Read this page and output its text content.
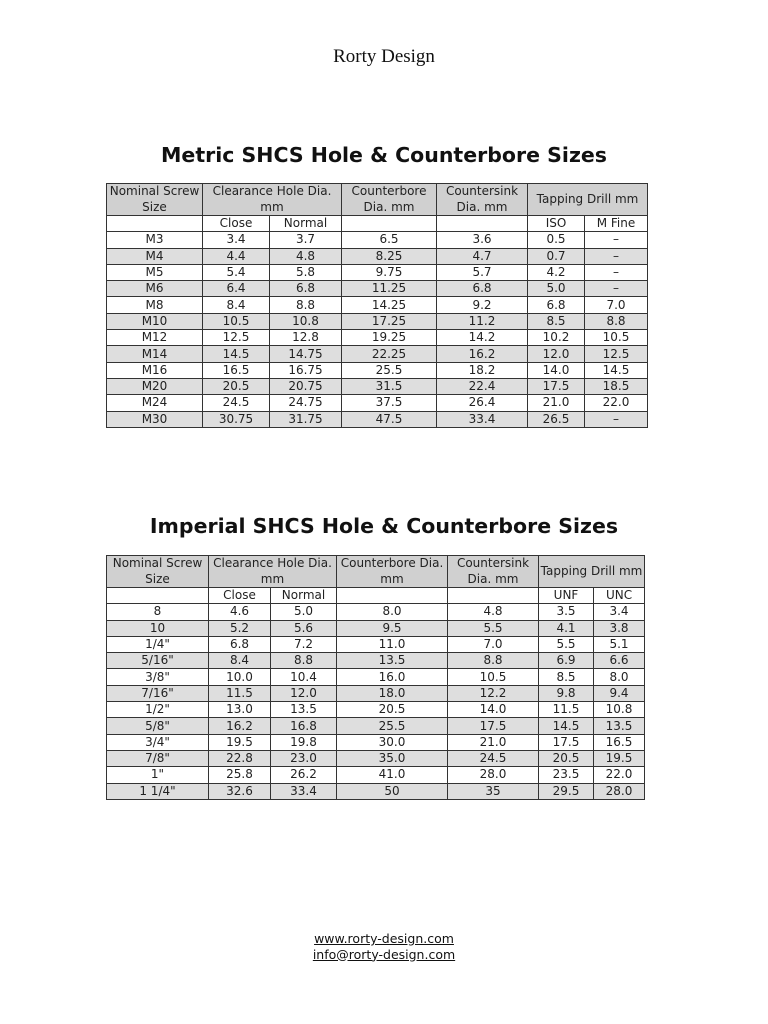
Rorty Design
Metric SHCS Hole & Counterbore Sizes
Nominal Screw Size	Clearance Hole Dia. mm		Counterbore Dia. mm	Countersink Dia. mm	Tapping Drill mm	
	Close	Normal			ISO	M Fine
M3	3.4	3.7	6.5	3.6	0.5	–
M4	4.4	4.8	8.25	4.7	0.7	–
M5	5.4	5.8	9.75	5.7	4.2	–
M6	6.4	6.8	11.25	6.8	5.0	–
M8	8.4	8.8	14.25	9.2	6.8	7.0
M10	10.5	10.8	17.25	11.2	8.5	8.8
M12	12.5	12.8	19.25	14.2	10.2	10.5
M14	14.5	14.75	22.25	16.2	12.0	12.5
M16	16.5	16.75	25.5	18.2	14.0	14.5
M20	20.5	20.75	31.5	22.4	17.5	18.5
M24	24.5	24.75	37.5	26.4	21.0	22.0
M30	30.75	31.75	47.5	33.4	26.5	–
Imperial SHCS Hole & Counterbore Sizes
Nominal Screw Size	Clearance Hole Dia. mm		Counterbore Dia. mm	Countersink Dia. mm	Tapping Drill mm	
	Close	Normal			UNF	UNC
8	4.6	5.0	8.0	4.8	3.5	3.4
10	5.2	5.6	9.5	5.5	4.1	3.8
1/4"	6.8	7.2	11.0	7.0	5.5	5.1
5/16"	8.4	8.8	13.5	8.8	6.9	6.6
3/8"	10.0	10.4	16.0	10.5	8.5	8.0
7/16"	11.5	12.0	18.0	12.2	9.8	9.4
1/2"	13.0	13.5	20.5	14.0	11.5	10.8
5/8"	16.2	16.8	25.5	17.5	14.5	13.5
3/4"	19.5	19.8	30.0	21.0	17.5	16.5
7/8"	22.8	23.0	35.0	24.5	20.5	19.5
1"	25.8	26.2	41.0	28.0	23.5	22.0
1 1/4"	32.6	33.4	50	35	29.5	28.0
www.rorty-design.com
info@rorty-design.com
